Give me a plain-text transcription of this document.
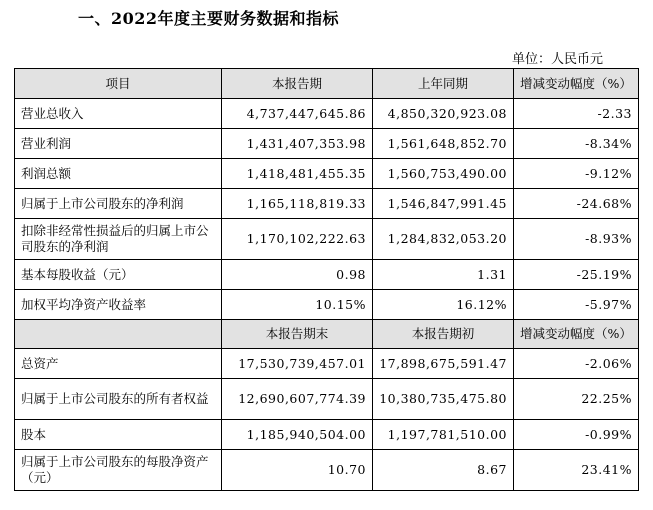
一、2022年度主要财务数据和指标
单位：人民币元
项目	本报告期	上年同期	增减变动幅度（%）
营业总收入	4,737,447,645.86	4,850,320,923.08	-2.33
营业利润	1,431,407,353.98	1,561,648,852.70	-8.34%
利润总额	1,418,481,455.35	1,560,753,490.00	-9.12%
归属于上市公司股东的净利润	1,165,118,819.33	1,546,847,991.45	-24.68%
扣除非经常性损益后的归属上市公司股东的净利润	1,170,102,222.63	1,284,832,053.20	-8.93%
基本每股收益（元）	0.98	1.31	-25.19%
加权平均净资产收益率	10.15%	16.12%	-5.97%
	本报告期末	本报告期初	增减变动幅度（%）
总资产	17,530,739,457.01	17,898,675,591.47	-2.06%
归属于上市公司股东的所有者权益	12,690,607,774.39	10,380,735,475.80	22.25%
股本	1,185,940,504.00	1,197,781,510.00	-0.99%
归属于上市公司股东的每股净资产（元）	10.70	8.67	23.41%
